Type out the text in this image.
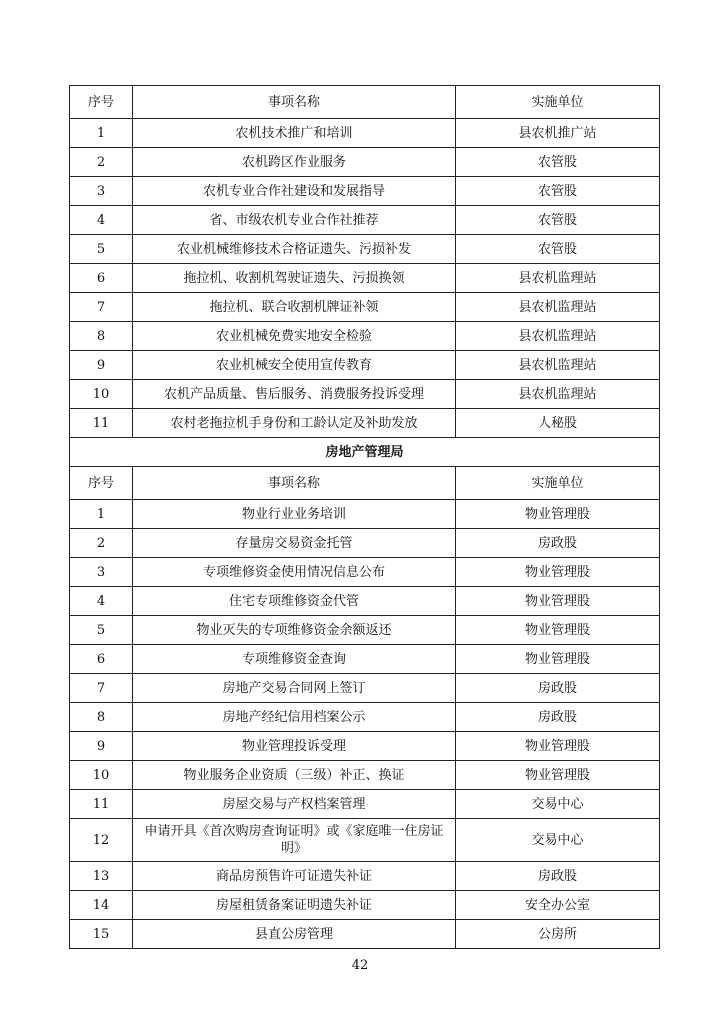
序号	事项名称	实施单位
1	农机技术推广和培训	县农机推广站
2	农机跨区作业服务	农管股
3	农机专业合作社建设和发展指导	农管股
4	省、市级农机专业合作社推荐	农管股
5	农业机械维修技术合格证遗失、污损补发	农管股
6	拖拉机、收割机驾驶证遗失、污损换领	县农机监理站
7	拖拉机、联合收割机牌证补领	县农机监理站
8	农业机械免费实地安全检验	县农机监理站
9	农业机械安全使用宣传教育	县农机监理站
10	农机产品质量、售后服务、消费服务投诉受理	县农机监理站
11	农村老拖拉机手身份和工龄认定及补助发放	人秘股
房地产管理局		
序号	事项名称	实施单位
1	物业行业业务培训	物业管理股
2	存量房交易资金托管	房政股
3	专项维修资金使用情况信息公布	物业管理股
4	住宅专项维修资金代管	物业管理股
5	物业灭失的专项维修资金余额返还	物业管理股
6	专项维修资金查询	物业管理股
7	房地产交易合同网上签订	房政股
8	房地产经纪信用档案公示	房政股
9	物业管理投诉受理	物业管理股
10	物业服务企业资质（三级）补正、换证	物业管理股
11	房屋交易与产权档案管理	交易中心
12	申请开具《首次购房查询证明》或《家庭唯一住房证明》	交易中心
13	商品房预售许可证遗失补证	房政股
14	房屋租赁备案证明遗失补证	安全办公室
15	县直公房管理	公房所
42
